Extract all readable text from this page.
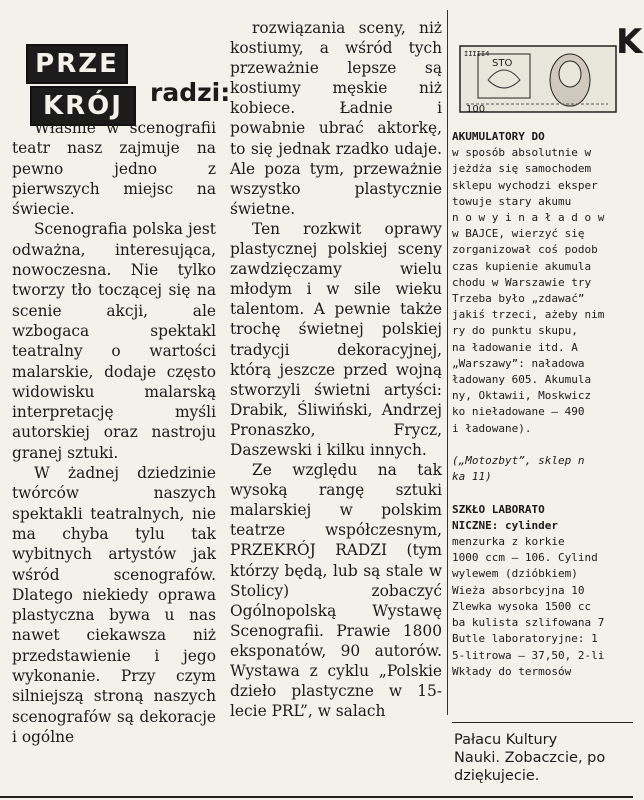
PRZE
KRÓJ	radzi:

Właśnie w scenografii teatr nasz zajmuje na pewno jedno z pierwszych miejsc na świecie.

Scenografia polska jest odważna, interesująca, nowoczesna. Nie tylko tworzy tło toczącej się na scenie akcji, ale wzbogaca spektakl teatralny o wartości malarskie, dodaje często widowisku malarską interpretację myśli autorskiej oraz nastroju granej sztuki.

W żadnej dziedzinie twórców naszych spektakli teatralnych, nie ma chyba tylu tak wybitnych artystów jak wśród scenografów. Dlatego niekiedy oprawa plastyczna bywa u nas nawet ciekawsza niż przedstawienie i jego wykonanie. Przy czym silniejszą stroną naszych scenografów są dekoracje i ogólne

rozwiązania sceny, niż kostiumy, a wśród tych przeważnie lepsze są kostiumy męskie niż kobiece. Ładnie i powabnie ubrać aktorkę, to się jednak rzadko udaje. Ale poza tym, przeważnie wszystko plastycznie świetne.

Ten rozkwit oprawy plastycznej polskiej sceny zawdzięczamy wielu młodym i w sile wieku talentom. A pewnie także trochę świetnej polskiej tradycji dekoracyjnej, którą jeszcze przed wojną stworzyli świetni artyści: Drabik, Śliwiński, Andrzej Pronaszko, Frycz, Daszewski i kilku innych.

Ze względu na tak wysoką rangę sztuki malarskiej w polskim teatrze współczesnym, PRZEKRÓJ RADZI (tym którzy będą, lub są stale w Stolicy) zobaczyć Ogólnopolską Wystawę Scenografii. Prawie 1800 eksponatów, 90 autorów. Wystawa z cyklu „Polskie dzieło plastyczne w 15-lecie PRL”, w salach

IIIII4
STO
100
K

AKUMULATORY DO

w sposób absolutnie w

jeżdża się samochodem

sklepu wychodzi eksper

towuje stary akumu

n o w y i n a ł a d o w

w BAJCE, wierzyć się

zorganizował coś podob

czas kupienie akumula

chodu w Warszawie try

Trzeba było „zdawać”

jakiś trzeci, ażeby nim

ry do punktu skupu,

na ładowanie itd. A

„Warszawy”: naładowa

ładowany 605. Akumula

ny, Oktawii, Moskwicz

ko nieładowane — 490

i ładowane).

(„Motozbyt”, sklep n

ka 11)

SZKŁO LABORATO

NICZNE: cylinder

menzurka z korkie

1000 ccm — 106. Cylind

wylewem (dzióbkiem)

Wieża absorbcyjna 10

Zlewka wysoka 1500 cc

ba kulista szlifowana 7

Butle laboratoryjne: 1

5-litrowa — 37,50, 2-li

Wkłady do termosów

Pałacu Kultury
Nauki. Zobaczcie, po
dziękujecie.
